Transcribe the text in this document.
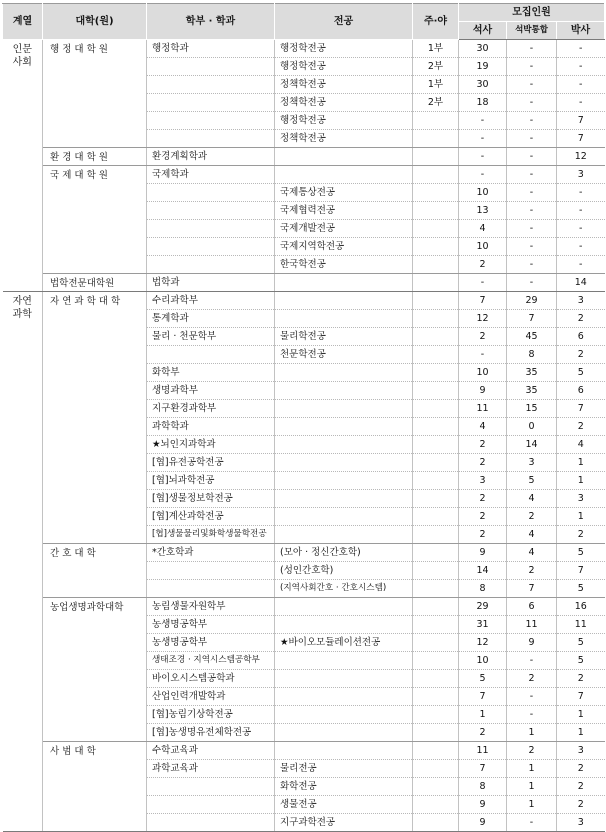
계열	대학(원)	학부 · 학과	전공	주·야	모집인원		
					석사	석박통합	박사
인문
사회	행 정 대 학 원	행정학과	행정학전공	1부	30	-	-
			행정학전공	2부	19	-	-
			정책학전공	1부	30	-	-
			정책학전공	2부	18	-	-
			행정학전공		-	-	7
			정책학전공		-	-	7
	환 경 대 학 원	환경계획학과			-	-	12
	국 제 대 학 원	국제학과			-	-	3
			국제통상전공		10	-	-
			국제협력전공		13	-	-
			국제개발전공		4	-	-
			국제지역학전공		10	-	-
			한국학전공		2	-	-
	법학전문대학원	법학과			-	-	14
자연
과학	자 연 과 학 대 학	수리과학부			7	29	3
		통계학과			12	7	2
		물리 · 천문학부	물리학전공		2	45	6
			천문학전공		-	8	2
		화학부			10	35	5
		생명과학부			9	35	6
		지구환경과학부			11	15	7
		과학학과			4	0	2
		★뇌인지과학과			2	14	4
		[협]유전공학전공			2	3	1
		[협]뇌과학전공			3	5	1
		[협]생물정보학전공			2	4	3
		[협]계산과학전공			2	2	1
		[협]생물물리및화학생물학전공			2	4	2
	간 호 대 학	*간호학과	(모아 · 정신간호학)		9	4	5
			(성인간호학)		14	2	7
			(지역사회간호 · 간호시스템)		8	7	5
	농업생명과학대학	농림생물자원학부			29	6	16
		농생명공학부			31	11	11
		농생명공학부	★바이오모듈레이션전공		12	9	5
		생태조경 · 지역시스템공학부			10	-	5
		바이오시스템공학과			5	2	2
		산업인력개발학과			7	-	7
		[협]농림기상학전공			1	-	1
		[협]농생명유전체학전공			2	1	1
	사 범 대 학	수학교육과			11	2	3
		과학교육과	물리전공		7	1	2
			화학전공		8	1	2
			생물전공		9	1	2
			지구과학전공		9	-	3
